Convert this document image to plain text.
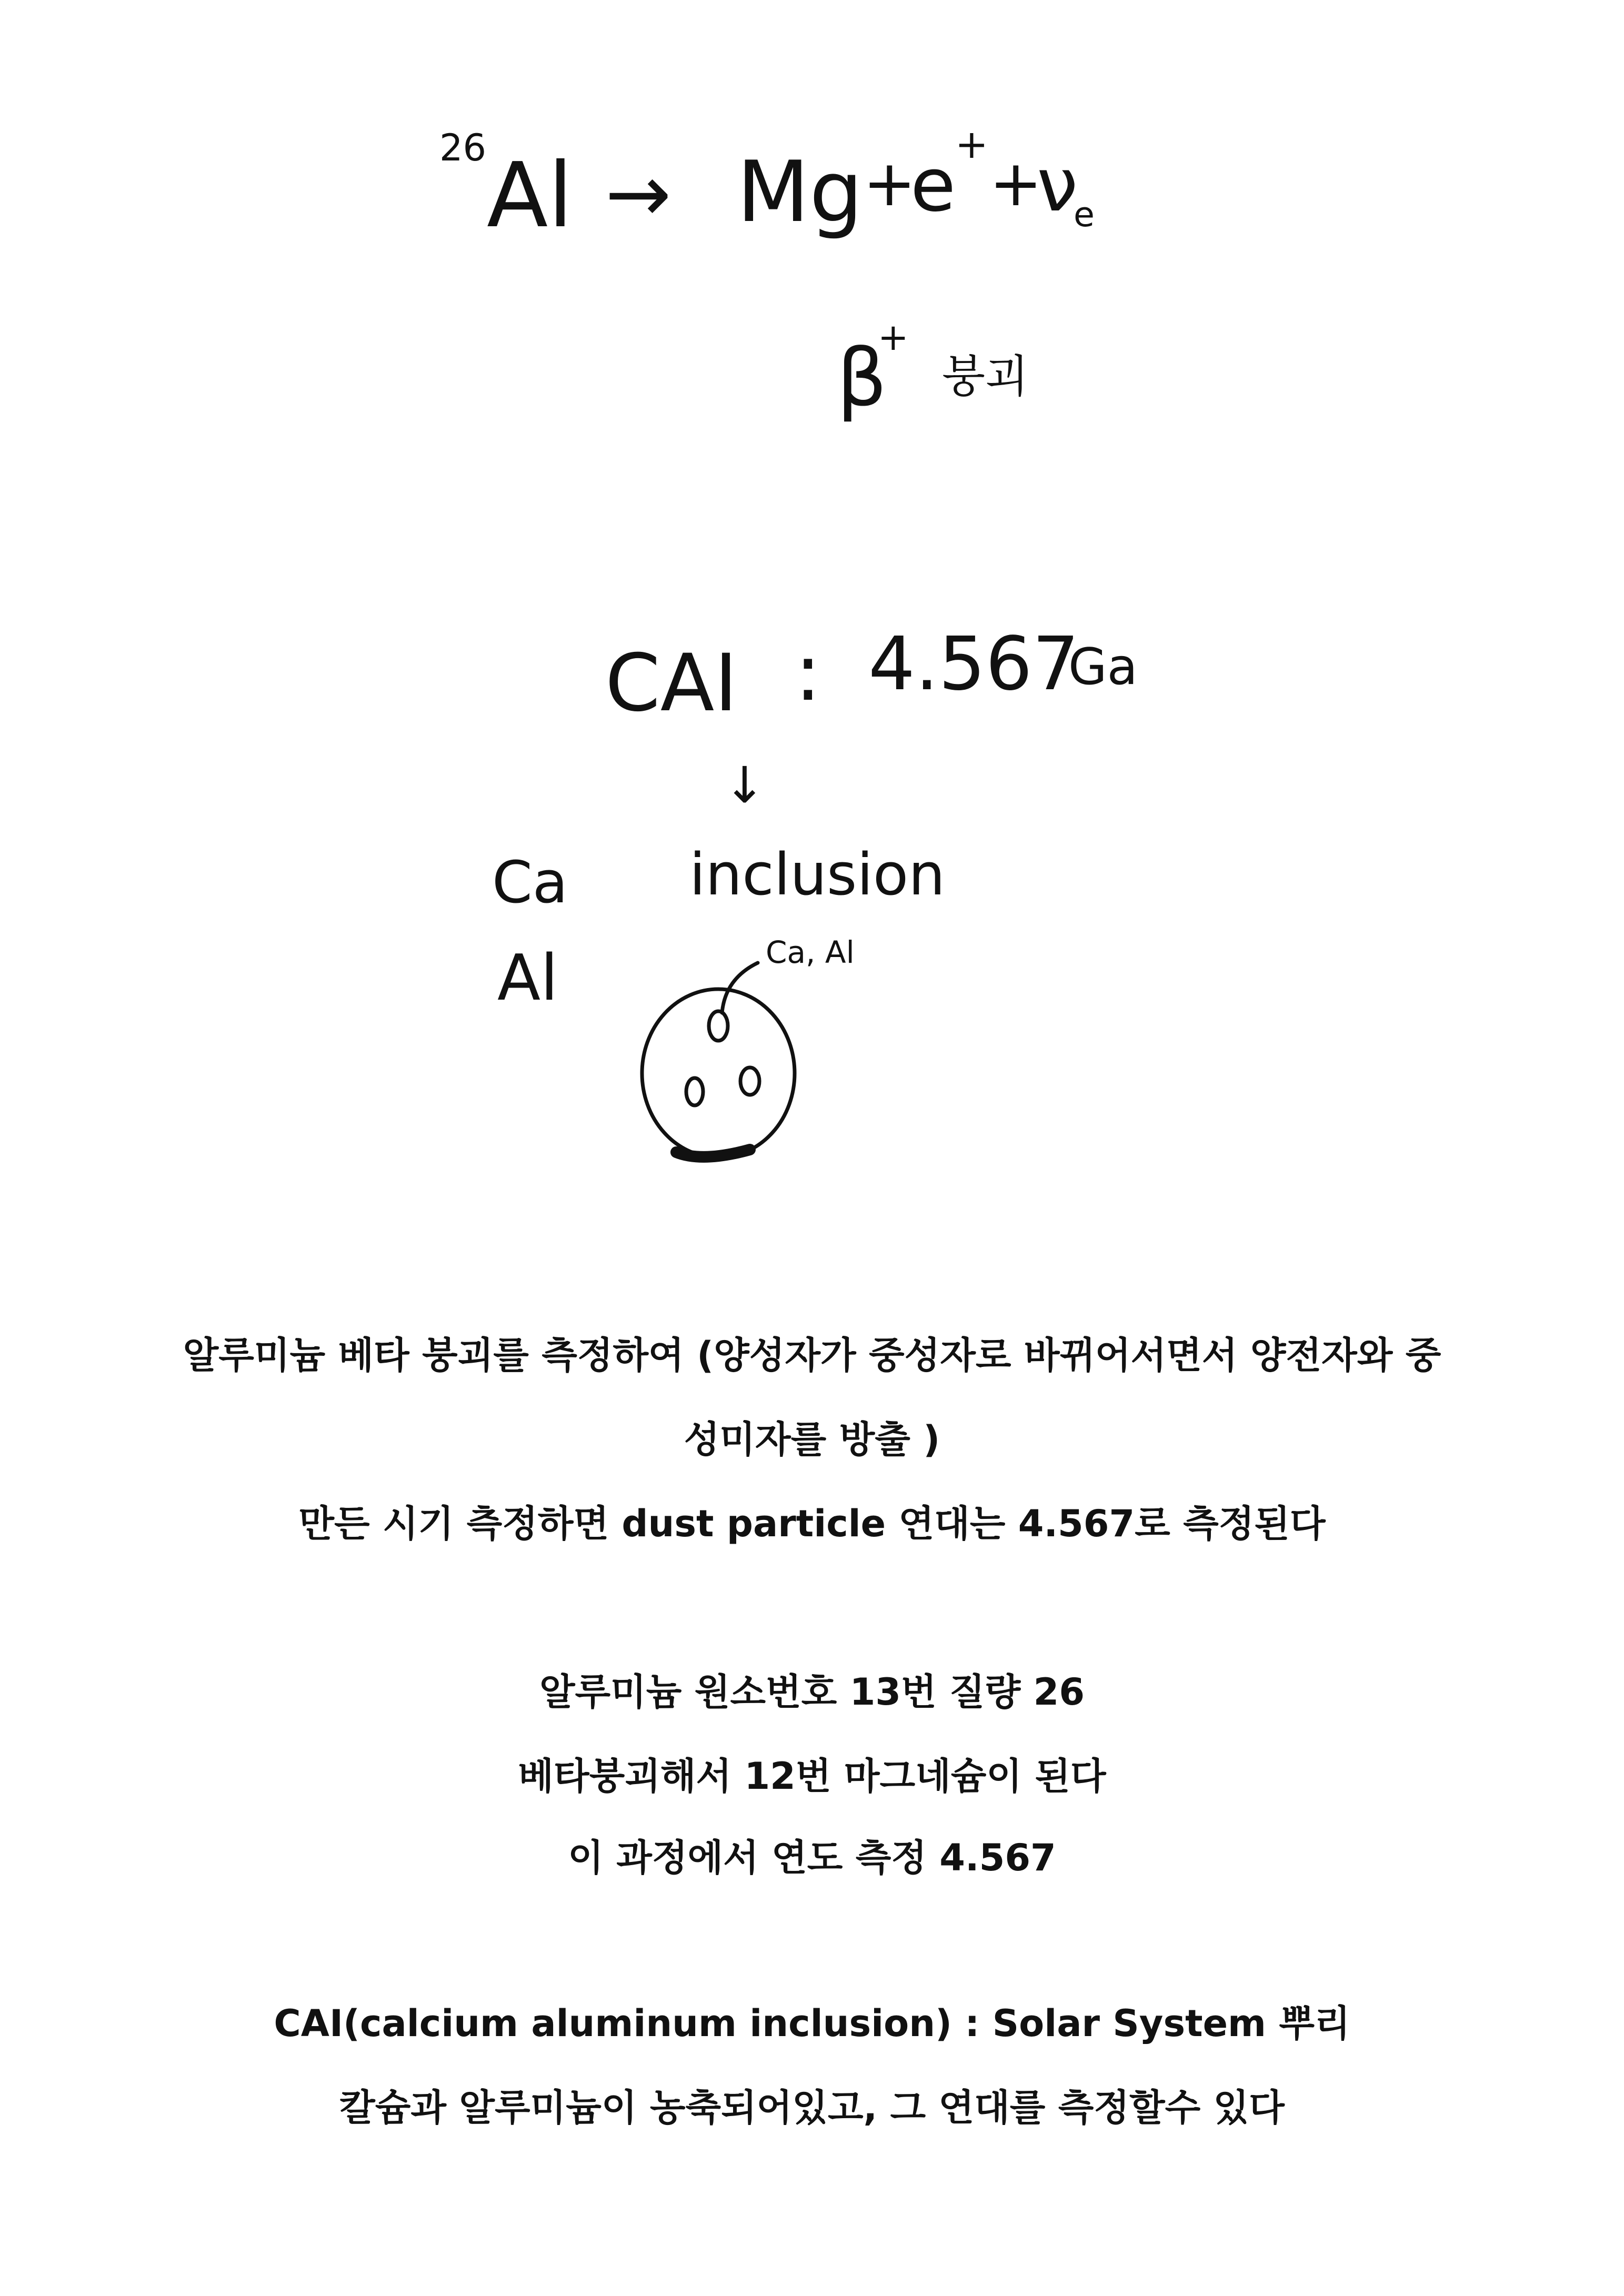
26 Al → Mg +
e
+
+
ν
e
β
+
붕괴
CAI : 4.567
Ga
↓
inclusion
Ca
Al	Ca, Al
알루미늄 베타 붕괴를 측정하여 (양성자가 중성자로 바뀌어서면서 양전자와 중
성미자를 방출 )
만든 시기 측정하면 dust particle 연대는 4.567로 측정된다
알루미늄 원소번호 13번 질량 26
베타붕괴해서 12번 마그네슘이 된다
이 과정에서 연도 측정 4.567
CAI(calcium aluminum inclusion) : Solar System 뿌리
칼슘과 알루미늄이 농축되어있고, 그 연대를 측정할수 있다
